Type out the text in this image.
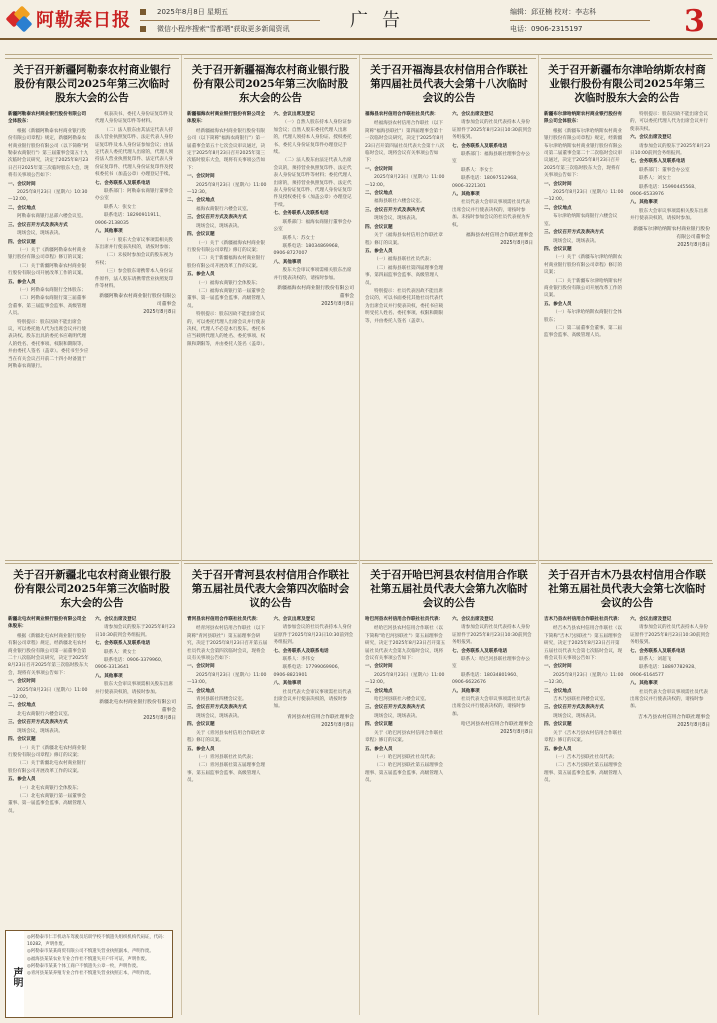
阿勒泰日报	2025年8月8日 星期五
微信小程序搜索"雪都晒"获取更多新闻资讯	广告	编辑：邱亚楠 校对：李志科
电话：0906-2315197	3
关于召开新疆阿勒泰农村商业银行股份有限公司2025年第三次临时股东大会的公告

新疆阿勒泰农村商业银行股份有限公司全体股东：

根据《新疆阿勒泰农村商业银行股份有限公司章程》规定，新疆阿勒泰农村商业银行股份有限公司（以下简称"阿勒泰农商银行"）第三届董事会第五十九次临时会议研究，决定于2025年8月23日召开2025年第三次临时股东大会，现将有关事项公告如下：

一、会议时间

2025年8月23日（星期六）10:30—12:00。

二、会议地点

阿勒泰农商银行总部六楼会议室。

三、会议召开方式及表决方式

现场会议，现场表决。

四、会议议题

（一）关于《新疆阿勒泰农村商业银行股份有限公司章程》修订的议案；

（二）关于新疆阿勒泰农村商业银行股份有限公司开展改革工作的议案。

五、参会人员

（一）阿勒泰农商银行全体股东；

（二）阿勒泰农商银行第三届董事会董事、第三届监事会监事、高级管理人员。

特别提示：股东因故不能出席会议，可以委托他人代为出席会议并行使表决权。股东出具的委托书应载明代理人的姓名、委托事项、权限和期限等，并由委托人签名（盖章）。委托书至少应当在有关会议召开前二十四小时备置于阿勒泰农商银行。

权表决书、委托人身份证复印件及代理人身份证复印件等材料。

（二）法人股东由其法定代表人持法人营业执照复印件、法定代表人身份证复印件及本人身份证参加会议；由法定代表人委托代理人出席的，代理人须持法人营业执照复印件、法定代表人身份证复印件、代理人身份证复印件及授权委托书（加盖公章）办理登记手续。

七、会务联系人及联系电话

联系部门：阿勒泰农商银行董事会办公室

联系人：张女士

联系电话：18290911911、0906-2138035

八、其他事项

（一）股东大会审议事项需相关股东出席并行使表决权的，请按时参加；

（二）未按时参加会议的股东视为弃权；

（三）参会股东请携带本人身份证件原件，法人股东请携带营业执照复印件等材料。

新疆阿勒泰农村商业银行股份有限公司董事会
2025年8月8日
关于召开新疆福海农村商业银行股份有限公司2025年第三次临时股东大会的公告

新疆福海农村商业银行股份有限公司全体股东：

经新疆福海农村商业银行股份有限公司（以下简称"福海农商银行"）第一届董事会第五十七次会议审议通过，决定于2025年8月23日召开2025年第三次临时股东大会，现将有关事项公告如下：

一、会议时间

2025年8月23日（星期六）11:00—12:30。

二、会议地点

福海农商银行六楼会议室。

三、会议召开方式及表决方式

现场会议，现场表决。

四、会议议题

（一）关于《新疆福海农村商业银行股份有限公司章程》修订的议案；

（二）关于新疆福海农村商业银行股份有限公司开展改革工作的议案。

五、参会人员

（一）福海农商银行全体股东；

（二）福海农商银行第一届董事会董事、第一届监事会监事、高级管理人员。

特别提示：股东因故不能出席会议的，可以委托代理人出席会议并行使表决权，代理人不必是本行股东。委托书应当载明代理人的姓名、委托事项、权限和期限等，并由委托人签名（盖章）。

六、会议出席及登记

（一）自然人股东持本人身份证参加会议；自然人股东委托代理人出席的，代理人须持本人身份证、授权委托书、委托人身份证复印件办理登记手续。

（二）法人股东由法定代表人出席会议的，须持营业执照复印件、法定代表人身份证复印件等材料；委托代理人出席的，须持营业执照复印件、法定代表人身份证复印件、代理人身份证复印件及授权委托书（加盖公章）办理登记手续。

七、会务联系人及联系电话

联系部门：福海农商银行董事会办公室

联系人：苏女士

联系电话：18034869968、0906-8727007

八、其他事项

股东大会审议事项需相关股东出席并行使表决权的，请按时参加。

新疆福海农村商业银行股份有限公司董事会
2025年8月8日
关于召开福海县农村信用合作联社第四届社员代表大会第十八次临时会议的公告

福海县农村信用合作联社社员代表：

经福海县农村信用合作联社（以下简称"福海县联社"）第四届理事会第十一次临时会议研究，决定于2025年8月23日召开第四届社员代表大会第十八次临时会议，现将会议有关事项公告如下：

一、会议时间

2025年8月23日（星期六）11:00—12:00。

二、会议地点

福海县联社六楼会议室。

三、会议召开方式及表决方式

现场会议，现场表决。

四、会议议题

关于《福海县农村信用合作联社章程》修订的议案。

五、参会人员

（一）福海县联社社员代表；

（二）福海县联社第四届理事会理事、第四届监事会监事、高级管理人员。

特别提示：社员代表因故不能出席会议的，可以书面委托其他社员代表代为出席会议并行使表决权，委托书应载明受托人姓名、委托事项、权限和期限等，并由委托人签名（盖章）。

六、会议出席及登记

请参加会议的社员代表持本人身份证原件于2025年8月23日10:30前到会务组报到。

七、会务联系人及联系电话

联系部门：福海县联社理事会办公室

联系人：李女士

联系电话：18097512968、0906-3221301

八、其他事项

社员代表大会审议事项需社员代表出席会议并行使表决权的，请按时参加。未按时参加会议的社员代表视为弃权。

福海县农村信用合作联社理事会
2025年8月8日
关于召开新疆布尔津哈纳斯农村商业银行股份有限公司2025年第三次临时股东大会的公告

新疆布尔津哈纳斯农村商业银行股份有限公司全体股东：

根据《新疆布尔津哈纳斯农村商业银行股份有限公司章程》规定，经新疆布尔津哈纳斯农村商业银行股份有限公司第二届董事会第二十二次临时会议审议通过，决定于2025年8月23日召开2025年第三次临时股东大会，现将有关事项公告如下：

一、会议时间

2025年8月23日（星期六）11:00—12:00。

二、会议地点

布尔津哈纳斯农商银行六楼会议室。

三、会议召开方式及表决方式

现场会议，现场表决。

四、会议议题

（一）关于《新疆布尔津哈纳斯农村商业银行股份有限公司章程》修订的议案；

（二）关于新疆布尔津哈纳斯农村商业银行股份有限公司开展改革工作的议案。

五、参会人员

（一）布尔津哈纳斯农商银行全体股东；

（二）第二届董事会董事、第二届监事会监事、高级管理人员。

特别提示：股东因故不能出席会议的，可以委托代理人代为出席会议并行使表决权。

六、会议出席及登记

请参加会议的股东于2025年8月23日10:00前到会务组报到。

七、会务联系人及联系电话

联系部门：董事会办公室

联系人：刘女士

联系电话：15990445568、0906-6533976

八、其他事项

股东大会审议事项需相关股东出席并行使表决权的，请按时参加。

新疆布尔津哈纳斯农村商业银行股份有限公司董事会
2025年8月8日
关于召开新疆北屯农村商业银行股份有限公司2025年第三次临时股东大会的公告

新疆北屯农村商业银行股份有限公司全体股东：

根据《新疆北屯农村商业银行股份有限公司章程》规定，经新疆北屯农村商业银行股份有限公司第一届董事会第二十八次临时会议研究，决定于2025年8月23日召开2025年第三次临时股东大会，现将有关事项公告如下：

一、会议时间

2025年8月23日（星期六）11:00—12:00。

二、会议地点

北屯农商银行六楼会议室。

三、会议召开方式及表决方式

现场会议，现场表决。

四、会议议题

（一）关于《新疆北屯农村商业银行股份有限公司章程》修订的议案；

（二）关于新疆北屯农村商业银行股份有限公司开展改革工作的议案。

五、参会人员

（一）北屯农商银行全体股东；

（二）北屯农商银行第一届董事会董事、第一届监事会监事、高级管理人员。

六、会议出席及登记

请参加会议的股东于2025年8月23日10:30前到会务组报到。

七、会务联系人及联系电话

联系人：黄女士

联系电话：0906-3379960、0906-3313641

八、其他事项

股东大会审议事项需相关股东出席并行使表决权的，请按时参加。

新疆北屯农村商业银行股份有限公司董事会
2025年8月8日
关于召开青河县农村信用合作联社第五届社员代表大会第四次临时会议的公告

青河县农村信用合作联社社员代表：

经青河县农村信用合作联社（以下简称"青河县联社"）第五届理事会研究，决定于2025年8月23日召开第五届社员代表大会第四次临时会议，现将会议有关事项公告如下：

一、会议时间

2025年8月23日（星期六）11:00—13:00。

二、会议地点

青河县联社四楼会议室。

三、会议召开方式及表决方式

现场会议，现场表决。

四、会议议题

关于《青河县农村信用合作联社章程》修订的议案。

五、参会人员

（一）青河县联社社员代表；

（二）青河县联社第五届理事会理事、第五届监事会监事、高级管理人员。

六、会议出席及登记

请参加会议的社员代表持本人身份证原件于2025年8月23日10:30前到会务组报到。

七、会务联系人及联系电话

联系人：李伟女

联系电话：17799069906、0906-8821901

八、其他事项

社员代表大会审议事项需社员代表出席会议并行使表决权的，请按时参加。

青河县农村信用合作联社理事会
2025年8月8日
关于召开哈巴河县农村信用合作联社第五届社员代表大会第九次临时会议的公告

哈巴河县农村信用合作联社社员代表：

经哈巴河县农村信用合作联社（以下简称"哈巴河县联社"）第五届理事会研究，决定于2025年8月23日召开第五届社员代表大会第九次临时会议，现将会议有关事项公告如下：

一、会议时间

2025年8月23日（星期六）11:00—12:00。

二、会议地点

哈巴河县联社六楼会议室。

三、会议召开方式及表决方式

现场会议，现场表决。

四、会议议题

关于《哈巴河县农村信用合作联社章程》修订的议案。

五、参会人员

（一）哈巴河县联社社员代表；

（二）哈巴河县联社第五届理事会理事、第五届监事会监事、高级管理人员。

六、会议出席及登记

请参加会议的社员代表持本人身份证原件于2025年8月23日10:30前到会务组报到。

七、会务联系人及联系电话

联系人：哈巴河县联社理事会办公室

联系电话：18034801960、0906-6622676

八、其他事项

社员代表大会审议事项需社员代表出席会议并行使表决权的，请按时参加。

哈巴河县农村信用合作联社理事会
2025年8月8日
关于召开吉木乃县农村信用合作联社第五届社员代表大会第七次临时会议的公告

吉木乃县农村信用合作联社社员代表：

经吉木乃县农村信用合作联社（以下简称"吉木乃县联社"）第五届理事会研究，决定于2025年8月23日召开第五届社员代表大会第七次临时会议，现将会议有关事项公告如下：

一、会议时间

2025年8月23日（星期六）11:00—12:30。

二、会议地点

吉木乃县联社四楼会议室。

三、会议召开方式及表决方式

现场会议，现场表决。

四、会议议题

关于《吉木乃县农村信用合作联社章程》修订的议案。

五、参会人员

（一）吉木乃县联社社员代表；

（二）吉木乃县联社第五届理事会理事、第五届监事会监事、高级管理人员。

六、会议出席及登记

请参加会议的社员代表持本人身份证原件于2025年8月23日10:30前到会务组报到。

七、会务联系人及联系电话

联系人：刘超飞

联系电话：18897782928、0906-6164577

八、其他事项

社员代表大会审议事项需社员代表出席会议并行使表决权的，请按时参加。

吉木乃县农村信用合作联社理事会
2025年8月8日
声明
◎阿勒泰市仁丰机动车驾驶员培训学校不慎遗失组织机构代码证，代码：10282，声明作废。
◎阿勒泰市某某商贸有限公司不慎遗失营业执照副本，声明作废。
◎福海县某某农业专业合作社不慎遗失开户许可证，声明作废。
◎阿勒泰市某某个体工商户不慎遗失公章一枚，声明作废。
◎青河县某某养殖专业合作社不慎遗失营业执照正本，声明作废。
